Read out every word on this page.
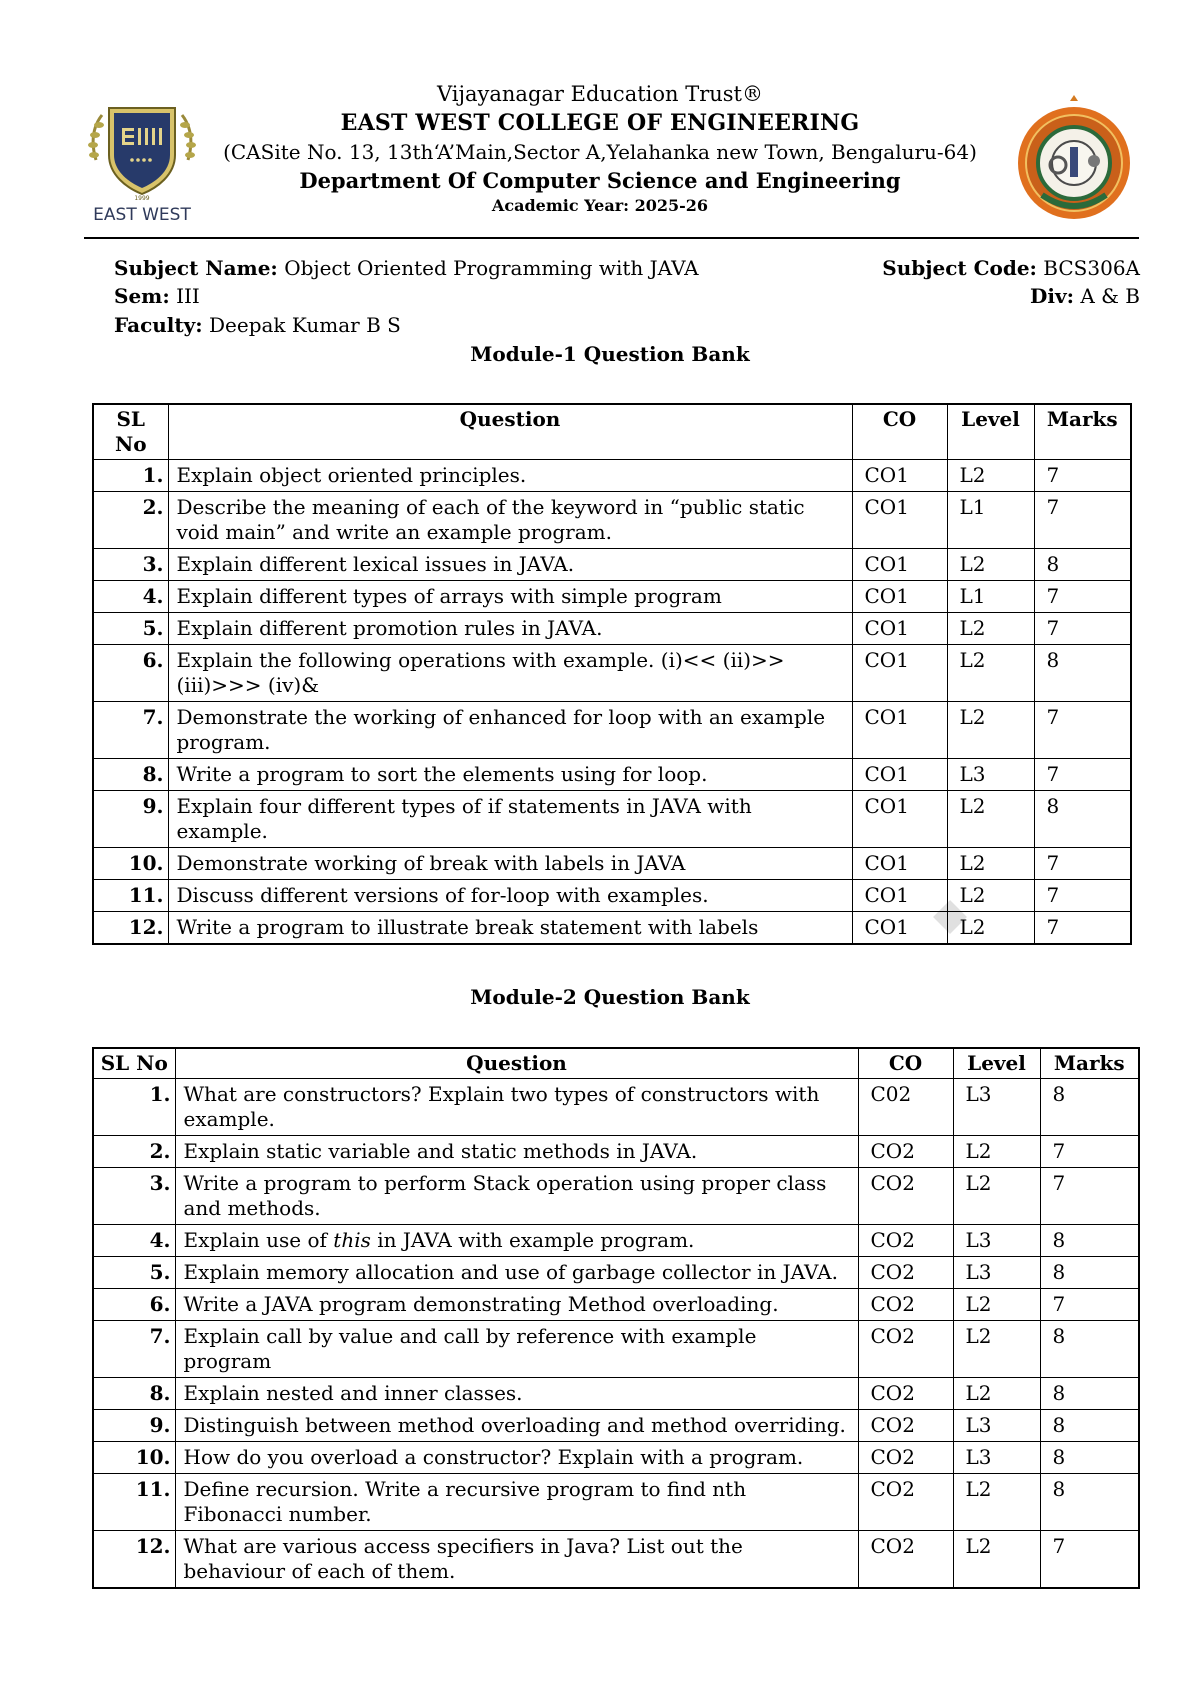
1999
EAST WEST
Vijayanagar Education Trust®
EAST WEST COLLEGE OF ENGINEERING
(CASite No. 13, 13th‘A’Main,Sector A,Yelahanka new Town, Bengaluru-64)
Department Of Computer Science and Engineering
Academic Year: 2025-26
Subject Name: Object Oriented Programming with JAVA
Sem: III
Faculty: Deepak Kumar B S
Subject Code: BCS306A
Div: A & B
Module-1 Question Bank
SL No	Question	CO	Level	Marks
1.	Explain object oriented principles.	CO1	L2	7
2.	Describe the meaning of each of the keyword in “public static void main” and write an example program.	CO1	L1	7
3.	Explain different lexical issues in JAVA.	CO1	L2	8
4.	Explain different types of arrays with simple program	CO1	L1	7
5.	Explain different promotion rules in JAVA.	CO1	L2	7
6.	Explain the following operations with example. (i)<< (ii)>> (iii)>>> (iv)&	CO1	L2	8
7.	Demonstrate the working of enhanced for loop with an example program.	CO1	L2	7
8.	Write a program to sort the elements using for loop.	CO1	L3	7
9.	Explain four different types of if statements in JAVA with example.	CO1	L2	8
10.	Demonstrate working of break with labels in JAVA	CO1	L2	7
11.	Discuss different versions of for-loop with examples.	CO1	L2	7
12.	Write a program to illustrate break statement with labels	CO1	L2	7
Module-2 Question Bank
SL No	Question	CO	Level	Marks
1.	What are constructors? Explain two types of constructors with example.	C02	L3	8
2.	Explain static variable and static methods in JAVA.	CO2	L2	7
3.	Write a program to perform Stack operation using proper class and methods.	CO2	L2	7
4.	Explain use of this in JAVA with example program.	CO2	L3	8
5.	Explain memory allocation and use of garbage collector in JAVA.	CO2	L3	8
6.	Write a JAVA program demonstrating Method overloading.	CO2	L2	7
7.	Explain call by value and call by reference with example program	CO2	L2	8
8.	Explain nested and inner classes.	CO2	L2	8
9.	Distinguish between method overloading and method overriding.	CO2	L3	8
10.	How do you overload a constructor? Explain with a program.	CO2	L3	8
11.	Define recursion. Write a recursive program to find nth Fibonacci number.	CO2	L2	8
12.	What are various access specifiers in Java? List out the behaviour of each of them.	CO2	L2	7
